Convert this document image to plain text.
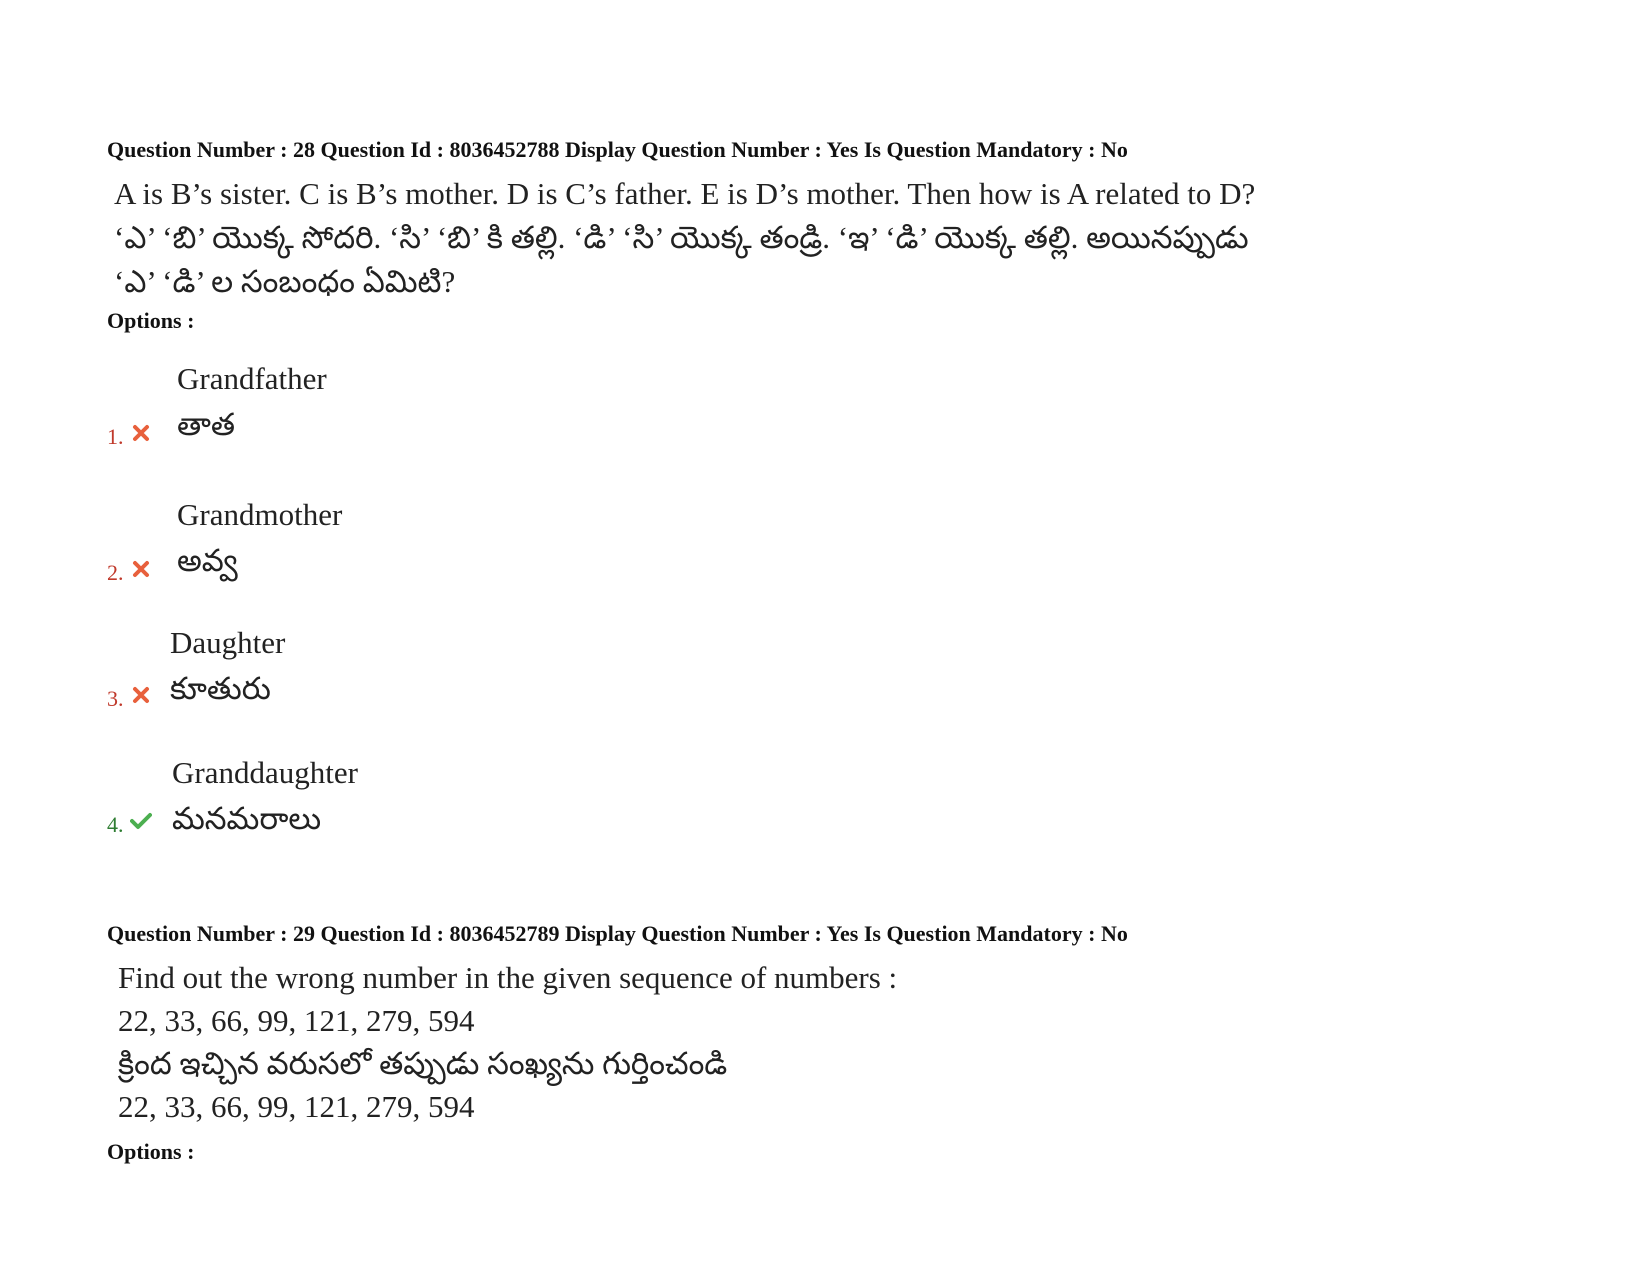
Question Number : 28 Question Id : 8036452788 Display Question Number : Yes Is Question Mandatory : No
A is B’s sister. C is B’s mother. D is C’s father. E is D’s mother. Then how is A related to D?
‘ఎ’ ‘బి’ యొక్క సోదరి. ‘సి’ ‘బి’ కి తల్లి. ‘డి’ ‘సి’ యొక్క తండ్రి. ‘ఇ’ ‘డి’ యొక్క తల్లి. అయినప్పుడు
‘ఎ’ ‘డి’ ల సంబంధం ఏమిటి?
Options :
1.
Grandfather
తాత
2.
Grandmother
అవ్వ
3.
Daughter
కూతురు
4.
Granddaughter
మనమరాలు
Question Number : 29 Question Id : 8036452789 Display Question Number : Yes Is Question Mandatory : No
Find out the wrong number in the given sequence of numbers :
22, 33, 66, 99, 121, 279, 594
క్రింద ఇచ్చిన వరుసలో తప్పుడు సంఖ్యను గుర్తించండి
22, 33, 66, 99, 121, 279, 594
Options :
